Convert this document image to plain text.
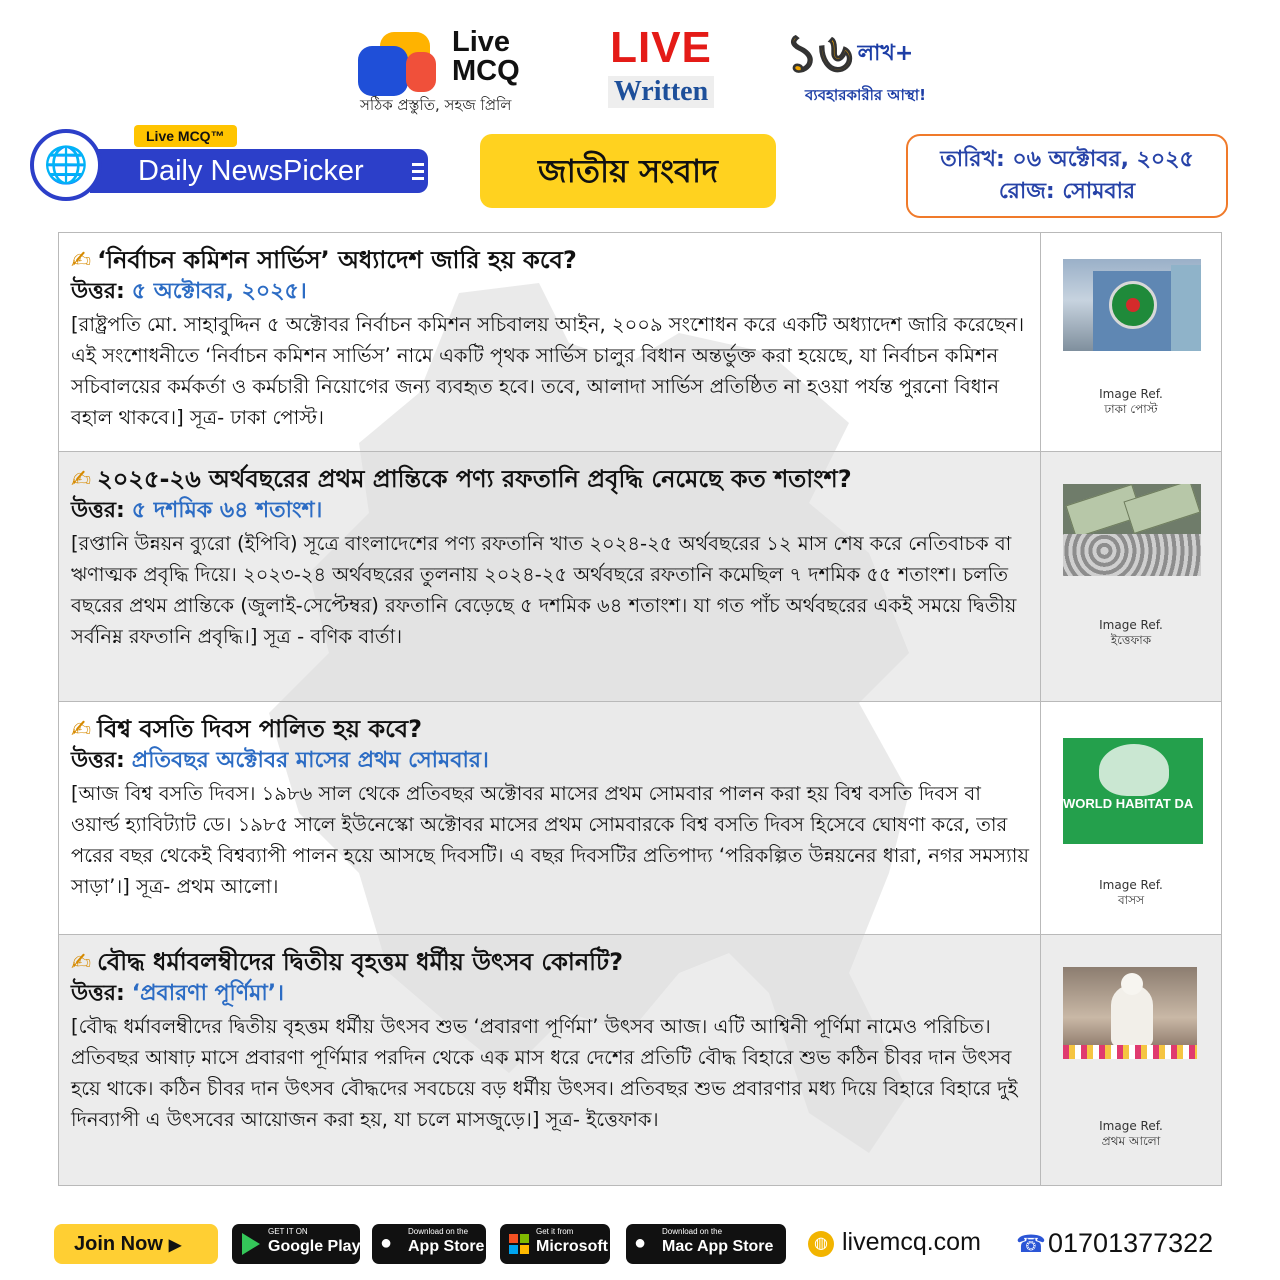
Live
MCQ
সঠিক প্রস্তুতি, সহজ প্রিলি
LIVE
Written
১৬ লাখ+
ব্যবহারকারীর আস্থা!
Live MCQ™
Daily NewsPicker
🌐	জাতীয় সংবাদ	তারিখ: ০৬ অক্টোবর, ২০২৫
রোজ: সোমবার
✍ ‘নির্বাচন কমিশন সার্ভিস’ অধ্যাদেশ জারি হয় কবে?
উত্তর: ৫ অক্টোবর, ২০২৫।
[রাষ্ট্রপতি মো. সাহাবুদ্দিন ৫ অক্টোবর নির্বাচন কমিশন সচিবালয় আইন, ২০০৯ সংশোধন করে একটি অধ্যাদেশ জারি করেছেন। এই সংশোধনীতে ‘নির্বাচন কমিশন সার্ভিস’ নামে একটি পৃথক সার্ভিস চালুর বিধান অন্তর্ভুক্ত করা হয়েছে, যা নির্বাচন কমিশন সচিবালয়ের কর্মকর্তা ও কর্মচারী নিয়োগের জন্য ব্যবহৃত হবে। তবে, আলাদা সার্ভিস প্রতিষ্ঠিত না হওয়া পর্যন্ত পুরনো বিধান বহাল থাকবে।] সূত্র- ঢাকা পোস্ট।
Image Ref.
ঢাকা পোস্ট
✍ ২০২৫-২৬ অর্থবছরের প্রথম প্রান্তিকে পণ্য রফতানি প্রবৃদ্ধি নেমেছে কত শতাংশ?
উত্তর: ৫ দশমিক ৬৪ শতাংশ।
[রপ্তানি উন্নয়ন ব্যুরো (ইপিবি) সূত্রে বাংলাদেশের পণ্য রফতানি খাত ২০২৪-২৫ অর্থবছরের ১২ মাস শেষ করে নেতিবাচক বা ঋণাত্মক প্রবৃদ্ধি দিয়ে। ২০২৩-২৪ অর্থবছরের তুলনায় ২০২৪-২৫ অর্থবছরে রফতানি কমেছিল ৭ দশমিক ৫৫ শতাংশ। চলতি বছরের প্রথম প্রান্তিকে (জুলাই-সেপ্টেম্বর) রফতানি বেড়েছে ৫ দশমিক ৬৪ শতাংশ। যা গত পাঁচ অর্থবছরের একই সময়ে দ্বিতীয় সর্বনিম্ন রফতানি প্রবৃদ্ধি।] সূত্র - বণিক বার্তা।	Image Ref.
ইত্তেফাক
✍ বিশ্ব বসতি দিবস পালিত হয় কবে?
উত্তর: প্রতিবছর অক্টোবর মাসের প্রথম সোমবার।
[আজ বিশ্ব বসতি দিবস। ১৯৮৬ সাল থেকে প্রতিবছর অক্টোবর মাসের প্রথম সোমবার পালন করা হয় বিশ্ব বসতি দিবস বা ওয়ার্ল্ড হ্যাবিট্যাট ডে। ১৯৮৫ সালে ইউনেস্কো অক্টোবর মাসের প্রথম সোমবারকে বিশ্ব বসতি দিবস হিসেবে ঘোষণা করে, তার পরের বছর থেকেই বিশ্বব্যাপী পালন হয়ে আসছে দিবসটি। এ বছর দিবসটির প্রতিপাদ্য ‘পরিকল্পিত উন্নয়নের ধারা, নগর সমস্যায় সাড়া’।] সূত্র- প্রথম আলো।
WORLD HABITAT DA
Image Ref.
বাসস
✍ বৌদ্ধ ধর্মাবলম্বীদের দ্বিতীয় বৃহত্তম ধর্মীয় উৎসব কোনটি?
উত্তর: ‘প্রবারণা পূর্ণিমা’।
[বৌদ্ধ ধর্মাবলম্বীদের দ্বিতীয় বৃহত্তম ধর্মীয় উৎসব শুভ ‘প্রবারণা পূর্ণিমা’ উৎসব আজ। এটি আশ্বিনী পূর্ণিমা নামেও পরিচিত।প্রতিবছর আষাঢ় মাসে প্রবারণা পূর্ণিমার পরদিন থেকে এক মাস ধরে দেশের প্রতিটি বৌদ্ধ বিহারে শুভ কঠিন চীবর দান উৎসব হয়ে থাকে। কঠিন চীবর দান উৎসব বৌদ্ধদের সবচেয়ে বড় ধর্মীয় উৎসব। প্রতিবছর শুভ প্রবারণার মধ্য দিয়ে বিহারে বিহারে দুই দিনব্যাপী এ উৎসবের আয়োজন করা হয়, যা চলে মাসজুড়ে।] সূত্র- ইত্তেফাক।	Image Ref.
প্রথম আলো
Join Now ▶
GET IT ON
Google Play ●
Download on the
App Store
Get it from
Microsoft ●
Download on the
Mac App Store	◍ livemcq.com ☎01701377322
